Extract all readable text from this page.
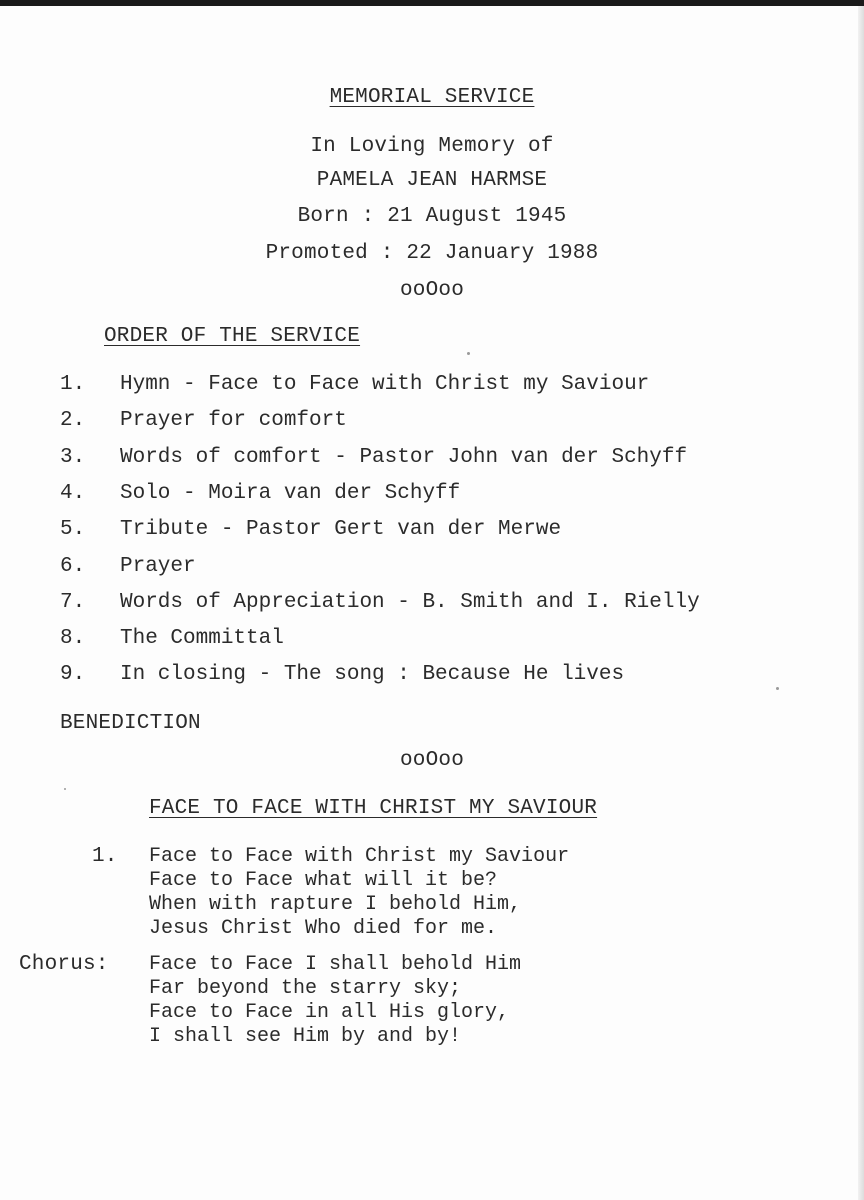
MEMORIAL SERVICE
In Loving Memory of
PAMELA JEAN HARMSE
Born : 21 August 1945
Promoted : 22 January 1988
ooOoo
ORDER OF THE SERVICE
1. Hymn - Face to Face with Christ my Saviour
2. Prayer for comfort
3. Words of comfort - Pastor John van der Schyff
4. Solo - Moira van der Schyff
5. Tribute - Pastor Gert van der Merwe
6. Prayer
7. Words of Appreciation - B. Smith and I. Rielly
8. The Committal
9. In closing - The song : Because He lives
BENEDICTION
ooOoo
FACE TO FACE WITH CHRIST MY SAVIOUR
1. Face to Face with Christ my Saviour
Face to Face what will it be?
When with rapture I behold Him,
Jesus Christ Who died for me.
Chorus: Face to Face I shall behold Him
Far beyond the starry sky;
Face to Face in all His glory,
I shall see Him by and by!
